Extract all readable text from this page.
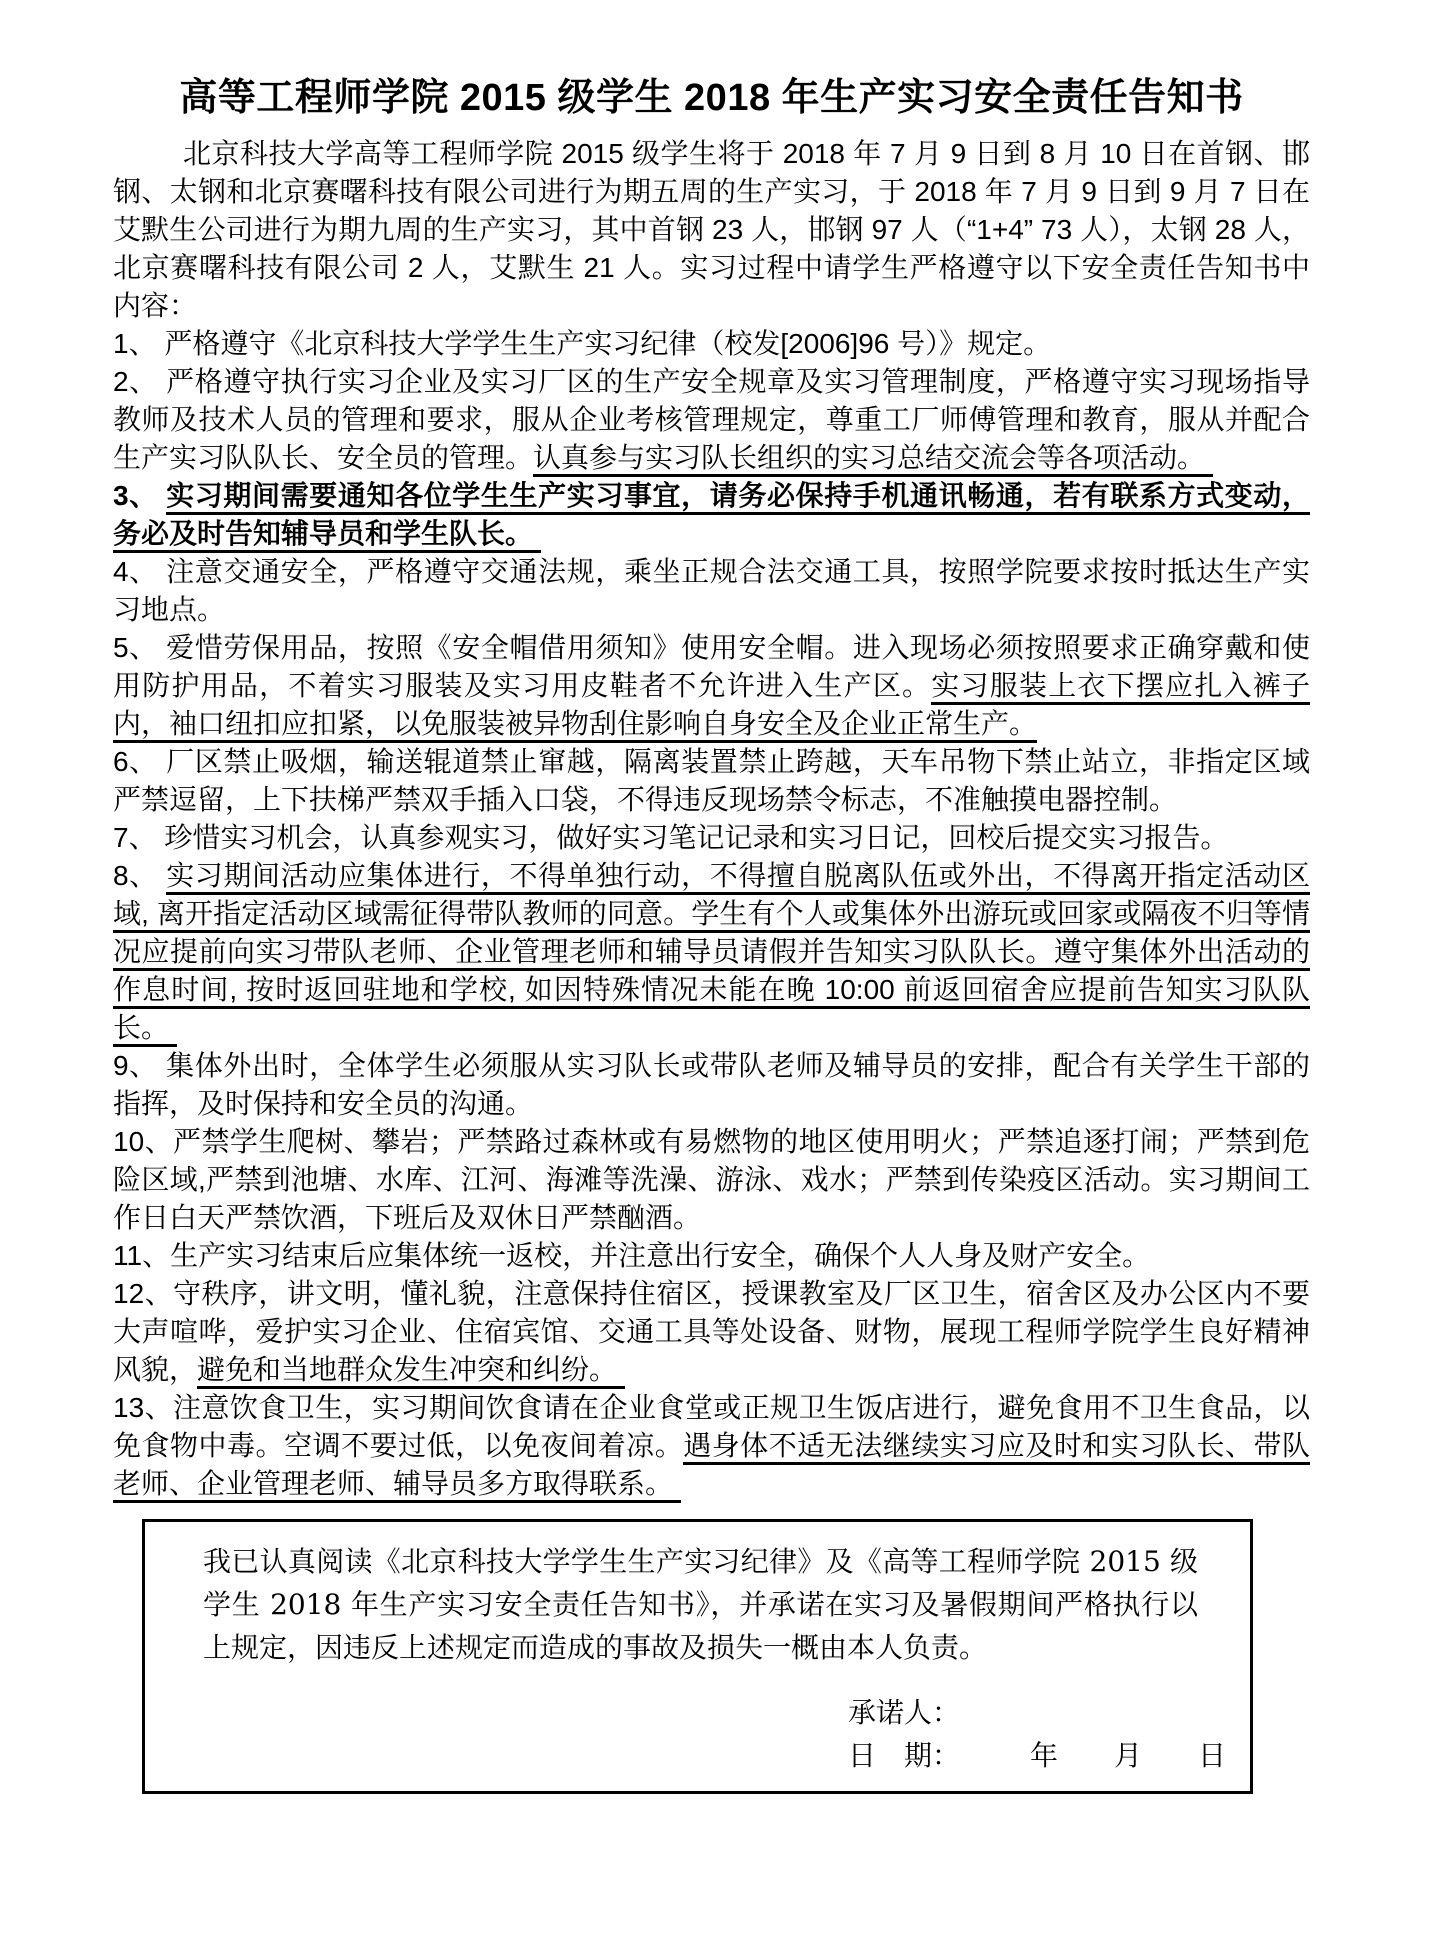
高等工程师学院 2015 级学生 2018 年生产实习安全责任告知书

北京科技大学高等工程师学院 2015 级学生将于 2018 年 7 月 9 日到 8 月 10 日在首钢、邯钢、太钢和北京赛曙科技有限公司进行为期五周的生产实习，于 2018 年 7 月 9 日到 9 月 7 日在艾默生公司进行为期九周的生产实习，其中首钢 23 人，邯钢 97 人（“1+4” 73 人），太钢 28 人，北京赛曙科技有限公司 2 人，艾默生 21 人。实习过程中请学生严格遵守以下安全责任告知书中内容：

1、 严格遵守《北京科技大学学生生产实习纪律（校发[2006]96 号）》规定。

2、 严格遵守执行实习企业及实习厂区的生产安全规章及实习管理制度，严格遵守实习现场指导教师及技术人员的管理和要求，服从企业考核管理规定，尊重工厂师傅管理和教育，服从并配合生产实习队队长、安全员的管理。认真参与实习队长组织的实习总结交流会等各项活动。

3、 实习期间需要通知各位学生生产实习事宜，请务必保持手机通讯畅通，若有联系方式变动，务必及时告知辅导员和学生队长。

4、 注意交通安全，严格遵守交通法规，乘坐正规合法交通工具，按照学院要求按时抵达生产实习地点。

5、 爱惜劳保用品，按照《安全帽借用须知》使用安全帽。进入现场必须按照要求正确穿戴和使用防护用品，不着实习服装及实习用皮鞋者不允许进入生产区。实习服装上衣下摆应扎入裤子内，袖口纽扣应扣紧，以免服装被异物刮住影响自身安全及企业正常生产。

6、 厂区禁止吸烟，输送辊道禁止窜越，隔离装置禁止跨越，天车吊物下禁止站立，非指定区域严禁逗留，上下扶梯严禁双手插入口袋，不得违反现场禁令标志，不准触摸电器控制。

7、 珍惜实习机会，认真参观实习，做好实习笔记记录和实习日记，回校后提交实习报告。

8、 实习期间活动应集体进行，不得单独行动，不得擅自脱离队伍或外出，不得离开指定活动区域, 离开指定活动区域需征得带队教师的同意。学生有个人或集体外出游玩或回家或隔夜不归等情况应提前向实习带队老师、企业管理老师和辅导员请假并告知实习队队长。遵守集体外出活动的作息时间, 按时返回驻地和学校, 如因特殊情况未能在晚 10:00 前返回宿舍应提前告知实习队队长。

9、 集体外出时，全体学生必须服从实习队长或带队老师及辅导员的安排，配合有关学生干部的指挥，及时保持和安全员的沟通。

10、严禁学生爬树、攀岩；严禁路过森林或有易燃物的地区使用明火；严禁追逐打闹；严禁到危险区域,严禁到池塘、水库、江河、海滩等洗澡、游泳、戏水；严禁到传染疫区活动。实习期间工作日白天严禁饮酒，下班后及双休日严禁酗酒。

11、生产实习结束后应集体统一返校，并注意出行安全，确保个人人身及财产安全。

12、守秩序，讲文明，懂礼貌，注意保持住宿区，授课教室及厂区卫生，宿舍区及办公区内不要大声喧哗，爱护实习企业、住宿宾馆、交通工具等处设备、财物，展现工程师学院学生良好精神风貌，避免和当地群众发生冲突和纠纷。

13、注意饮食卫生，实习期间饮食请在企业食堂或正规卫生饭店进行，避免食用不卫生食品，以免食物中毒。空调不要过低，以免夜间着凉。遇身体不适无法继续实习应及时和实习队长、带队老师、企业管理老师、辅导员多方取得联系。

我已认真阅读《北京科技大学学生生产实习纪律》及《高等工程师学院 2015 级学生 2018 年生产实习安全责任告知书》，并承诺在实习及暑假期间严格执行以上规定，因违反上述规定而造成的事故及损失一概由本人负责。

承诺人：
日　期：　　　年　　月　　日
